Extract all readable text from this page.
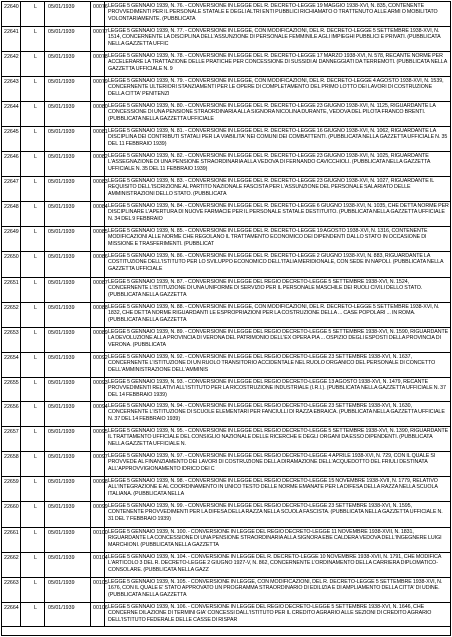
22640	L	05/01/1939	00076 LEGGE 5 GENNAIO 1939, N. 76. - CONVERSIONE IN LEGGE DEL R. DECRETO-LEGGE 19 MAGGIO 1938-XVI, N. 835, CONTENENTE PROVVEDIMENTI PER IL PERSONALE STATALE E DEGLI ALTRI ENTI PUBBLICI RICHIAMATO O TRATTENUTO ALLE ARMI O MOBILITATO VOLONTARIAMENTE. (PUBBLICATA
22641	L	05/01/1939	00077 LEGGE 5 GENNAIO 1939, N. 77. - CONVERSIONE IN LEGGE, CON MODIFICAZIONI, DEL R. DECRETO-LEGGE 5 SETTEMBRE 1938-XVI, N. 1514, CONCERNENTE LA DISCIPLINA DELL'ASSUNZIONE DI PERSONALE FEMMINILE AGLI IMPIEGHI PUBBLICI E PRIVATI. (PUBBLICATA NELLA GAZZETTA UFFIC
22642	L	05/01/1939	00078 LEGGE 5 GENNAIO 1939, N. 78. - CONVERSIONE IN LEGGE DEL R. DECRETO-LEGGE 17 MARZO 1938-XVI, N. 578, RECANTE NORME PER ACCELERARE LA TRATTAZIONE DELLE PRATICHE PER CONCESSIONE DI SUSSIDI AI DANNEGGIATI DA TERREMOTI. (PUBBLICATA NELLA GAZZETTA UFFICIALE N. 9
22643	L	05/01/1939	00079 LEGGE 5 GENNAIO 1939, N. 79. - CONVERSIONE IN LEGGE, CON MODIFICAZIONI, DEL R. DECRETO-LEGGE 4 AGOSTO 1938-XVI, N. 1539, CONCERNENTE ULTERIORI STANZIAMENTI PER LE OPERE DI COMPLETAMENTO DEL PRIMO LOTTO DEI LAVORI DI COSTRUZIONE DELLA CITTA' PENITENZI
22644	L	05/01/1939	00080 LEGGE 5 GENNAIO 1939, N. 80. - CONVERSIONE IN LEGGE DEL R. DECRETO-LEGGE 23 GIUGNO 1938-XVI, N. 1125, RIGUARDANTE LA CONCESSIONE DI UNA PENSIONE STRAORDINARIA ALLA SIGNORA NICOLINA DURANTE, VEDOVA DEL PILOTA FRANCO BRENTI. (PUBBLICATA NELLA GAZZETTA UFFICIALE
22645	L	05/01/1939	00081 LEGGE 5 GENNAIO 1939, N. 81. - CONVERSIONE IN LEGGE DEL R. DECRETO-LEGGE 16 GIUGNO 1938-XVI, N. 1062, RIGUARDANTE LA DISCIPLINA DEI CONTRIBUTI STATALI PER LA VIABILITA' NEI COMUNI DEI COMBATTENTI. (PUBBLICATA NELLA GAZZETTA UFFICIALE N. 35 DEL 11 FEBBRAIO 1939)
22646	L	05/01/1939	00082 LEGGE 5 GENNAIO 1939, N. 82. - CONVERSIONE IN LEGGE DEL R. DECRETO-LEGGE 23 GIUGNO 1938-XVI, N. 1025, RIGUARDANTE L'ASSEGNAZIONE DI UNA PENSIONE STRAORDINARIA ALLA VEDOVA DI FERNANDO CAVICCHIOLI. (PUBBLICATA NELLA GAZZETTA UFFICIALE N. 35 DEL 11 FEBBRAIO 1939)
22647	L	05/01/1939	00083 LEGGE 5 GENNAIO 1939, N. 83. - CONVERSIONE IN LEGGE DEL R. DECRETO-LEGGE 23 GIUGNO 1938-XVI, N. 1027, RIGUARDANTE IL REQUISITO DELL'ISCRIZIONE AL PARTITO NAZIONALE FASCISTA PER L'ASSUNZIONE DEL PERSONALE SALARIATO DELLE AMMINISTRAZIONI DELLO STATO. (PUBBLICATA
22648	L	05/01/1939	00084 LEGGE 5 GENNAIO 1939, N. 84. - CONVERSIONE IN LEGGE DEL R. DECRETO-LEGGE 6 GIUGNO 1938-XVI, N. 1035, CHE DETTA NORME PER DISCIPLINARE L'APERTURA DI NUOVE FARMACIE PER IL PERSONALE STATALE DESTITUITO. (PUBBLICATA NELLA GAZZETTA UFFICIALE N. 34 DEL 9 FEBBRAIO
22649	L	05/01/1939	00085 LEGGE 5 GENNAIO 1939, N. 85. - CONVERSIONE IN LEGGE DEL R. DECRETO-LEGGE 19 AGOSTO 1938-XVI, N. 1316, CONTENENTE MODIFICAZIONI ALLE NORME CHE REGOLANO IL TRATTAMENTO ECONOMICO DEI DIPENDENTI DALLO STATO IN OCCASIONE DI MISSIONE E TRASFERIMENTI. (PUBBLICAT
22650	L	05/01/1939	00086 LEGGE 5 GENNAIO 1939, N. 86. - CONVERSIONE IN LEGGE DEL R. DECRETO-LEGGE 2 GIUGNO 1938-XVI, N. 883, RIGUARDANTE LA COSTITUZIONE DELL'ISTITUTO PER LO SVILUPPO ECONOMICO DELL'ITALIA MERIDIONALE, CON SEDE IN NAPOLI. (PUBBLICATA NELLA GAZZETTA UFFICIALE
22651	L	05/01/1939	00087 LEGGE 5 GENNAIO 1939, N. 87. - CONVERSIONE IN LEGGE DEL REGIO DECRETO-LEGGE 5 SETTEMBRE 1938-XVI, N. 1524, CONCERNENTE L'ISTITUZIONE DI UNA UNIFORME DI SERVIZIO PER IL PERSONALE MASCHILE DEI RUOLI CIVILI DELLO STATO. (PUBBLICATA NELLA GAZZETTA
22652	L	05/01/1939	00088 LEGGE 5 GENNAIO 1939, N. 88. - CONVERSIONE IN LEGGE, CON MODIFICAZIONI, DEL R. DECRETO-LEGGE 5 SETTEMBRE 1938-XVI, N. 1832, CHE DETTA NORME RIGUARDANTI LE ESPROPRIAZIONI PER LA COSTRUZIONE DELLA ... CASE POPOLARI ... IN ROMA. (PUBBLICATA NELLA GAZZETTA
22653	L	05/01/1939	00089 LEGGE 5 GENNAIO 1939, N. 89. - CONVERSIONE IN LEGGE DEL REGIO DECRETO-LEGGE 5 SETTEMBRE 1938-XVI, N. 1590, RIGUARDANTE LA DEVOLUZIONE ALLA PROVINCIA DI VERONA DEL PATRIMONIO DELL'EX OPERA PIA ... OSPIZIO DEGLI ESPOSTI DELLA PROVINCIA DI VERONA. (PUBBLICATA
22654	L	05/01/1939	00092 LEGGE 5 GENNAIO 1939, N. 92. - CONVERSIONE IN LEGGE DEL REGIO DECRETO-LEGGE 23 SETTEMBRE 1938-XVI, N. 1637, CONCERNENTE L'ISTITUZIONE DI UN RUOLO TRANSITORIO ACCIDENTALE NEL RUOLO ORGANICO DEL PERSONALE DI CONCETTO DELL'AMMINISTRAZIONE DELL'AMMINIS
22655	L	05/01/1939	00093 LEGGE 5 GENNAIO 1939, N. 93. - CONVERSIONE IN LEGGE DEL REGIO DECRETO-LEGGE 13 AGOSTO 1938-XVI, N. 1479, RECANTE PROVVEDIMENTI RELATIVI ALL'ISTITUTO PER LA RICOSTRUZIONE INDUSTRIALE (I.R.I.). (PUBBLICATA NELLA GAZZETTA UFFICIALE N. 37 DEL 14 FEBBRAIO 1939)
22656	L	05/01/1939	00094 LEGGE 5 GENNAIO 1939, N. 94. - CONVERSIONE IN LEGGE DEL REGIO DECRETO-LEGGE 23 SETTEMBRE 1938-XVI, N. 1630, CONCERNENTE L'ISTITUZIONE DI SCUOLE ELEMENTARI PER FANCIULLI DI RAZZA EBRAICA. (PUBBLICATA NELLA GAZZETTA UFFICIALE N. 37 DEL 14 FEBBRAIO 1939)
22657	L	05/01/1939	00095 LEGGE 5 GENNAIO 1939, N. 95. - CONVERSIONE IN LEGGE DEL REGIO DECRETO-LEGGE 5 SETTEMBRE 1938-XVI, N. 1390, RIGUARDANTE IL TRATTAMENTO UFFICIALE DEL CONSIGLIO NAZIONALE DELLE RICERCHE E DEGLI ORGANI DA ESSO DIPENDENTI. (PUBBLICATA NELLA GAZZETTA UFFICIALE N.
22658	L	05/01/1939	00097 LEGGE 5 GENNAIO 1939, N. 97. - CONVERSIONE IN LEGGE DEL REGIO DECRETO-LEGGE 4 APRILE 1938-XVI, N. 729, CON IL QUALE SI PROVVEDE AL FINANZIAMENTO DEI LAVORI DI COSTRUZIONE DELLA DIRAMAZIONE DELL'ACQUEDOTTO DEL FRIULI DESTINATA ALL'APPROVVIGIONAMENTO IDRICO DEI C
22659	L	05/01/1939	00098 LEGGE 5 GENNAIO 1939, N. 98. - CONVERSIONE IN LEGGE DEL REGIO DECRETO-LEGGE 15 NOVEMBRE 1938-XVII, N. 1779, RELATIVO ALL'INTEGRAZIONE E AL COORDINAMENTO IN UNICO TESTO DELLE NORME EMANATE PER LA DIFESA DELLA RAZZA NELLA SCUOLA ITALIANA. (PUBBLICATA NELLA
22660	L	05/01/1939	00099 LEGGE 5 GENNAIO 1939, N. 99. - CONVERSIONE IN LEGGE DEL REGIO DECRETO-LEGGE 23 SETTEMBRE 1938-XVI, N. 1595, CONTENENTE PROVVEDIMENTI PER LA DIFESA DELLA RAZZA NELLA SCUOLA FASCISTA. (PUBBLICATA NELLA GAZZETTA UFFICIALE N. 31 DEL 7 FEBBRAIO 1939)
22661	L	05/01/1939	00100 LEGGE 5 GENNAIO 1939, N. 100. - CONVERSIONE IN LEGGE DEL REGIO DECRETO-LEGGE 11 NOVEMBRE 1938-XVII, N. 1831, RIGUARDANTE LA CONCESSIONE DI UNA PENSIONE STRAORDINARIA ALLA SIGNORA EBE CALDERA VEDOVA DELL'INGEGNERE LUIGI MARCHIONI. (PUBBLICATA NELLA GAZZETTA
22662	L	05/01/1939	00104 LEGGE 5 GENNAIO 1939, N. 104. - CONVERSIONE IN LEGGE DEL R. DECRETO-LEGGE 10 NOVEMBRE 1938-XVII, N. 1791, CHE MODIFICA L'ARTICOLO 3 DEL R. DECRETO-LEGGE 2 GIUGNO 1927-V, N. 862, CONCERNENTE L'ORDINAMENTO DELLA CARRIERA DIPLOMATICO-CONSOLARE. (PUBBLICATA NELLA GAZZ
22663	L	05/01/1939	00105 LEGGE 5 GENNAIO 1939, N. 105. - CONVERSIONE IN LEGGE, CON MODIFICAZIONI, DEL R. DECRETO-LEGGE 5 SETTEMBRE 1938-XVI, N. 1676, CON IL QUALE E' STATO APPROVATO UN PROGRAMMA STRAORDINARIO DI EDILIZIA E DI AMPLIAMENTO DELLA CITTA' DI UDINE. (PUBBLICATA NELLA GAZZETTA
22664	L	05/01/1939	00106 LEGGE 5 GENNAIO 1939, N. 106. - CONVERSIONE IN LEGGE DEL REGIO DECRETO-LEGGE 5 SETTEMBRE 1938-XVI, N. 1646, CHE CONCERNE DILAZIONE DI TERMINI GIA' CONCESSI DALL'ISTITUTO PER IL CREDITO AGRARIO ALLE SEZIONI DI CREDITO AGRARIO DELL'ISTITUTO FEDERALE DELLE CASSE DI RISPAR
